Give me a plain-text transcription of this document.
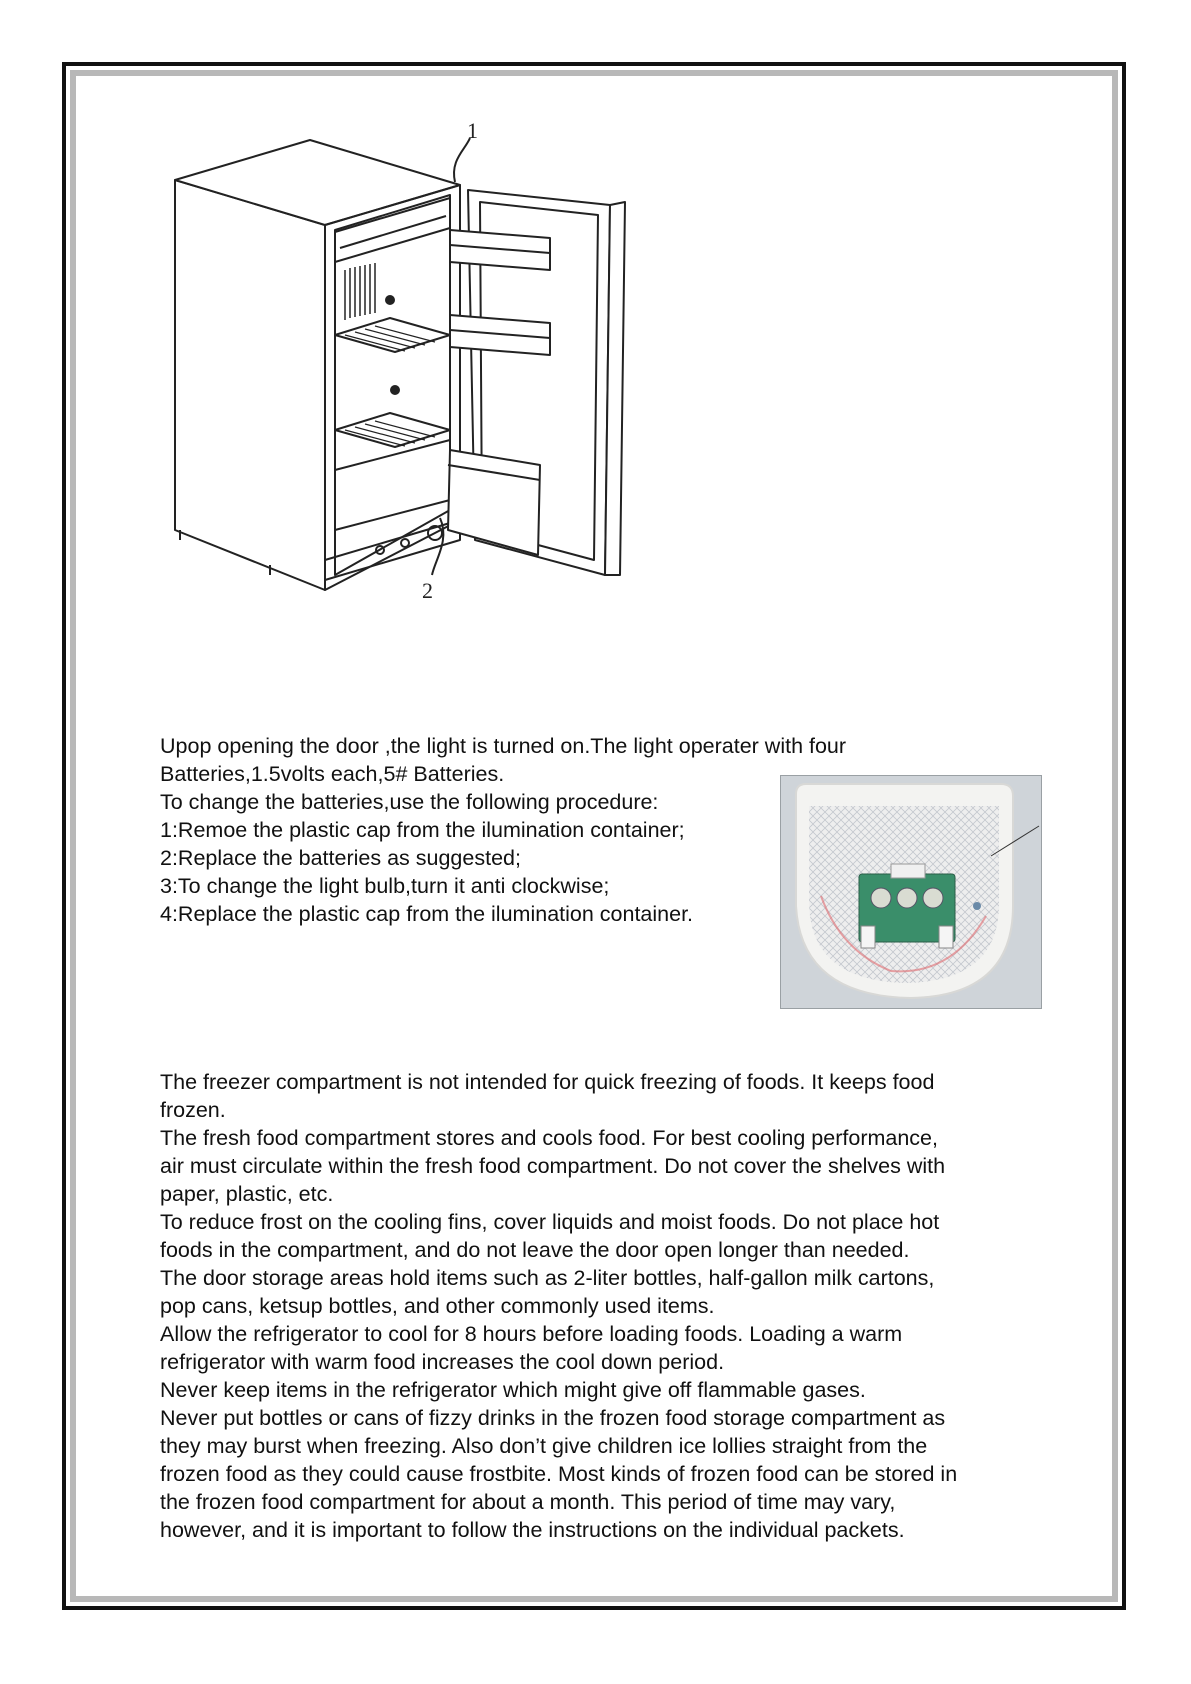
1
2
Upop opening the door ,the light is turned on.The light operater with four
Batteries,1.5volts each,5# Batteries.
To change the batteries,use the following procedure:
1:Remoe the plastic cap from the ilumination container;
2:Replace the batteries as suggested;
3:To change the light bulb,turn it anti clockwise;
4:Replace the plastic cap from the ilumination container.
The freezer compartment is not intended for quick freezing of foods. It keeps food
frozen.
The fresh food compartment stores and cools food. For best cooling performance,
air must circulate within the fresh food compartment. Do not cover the shelves with
paper, plastic, etc.
To reduce frost on the cooling fins, cover liquids and moist foods. Do not place hot
foods in the compartment, and do not leave the door open longer than needed.
The door storage areas hold items such as 2-liter bottles, half-gallon milk cartons,
pop cans, ketsup bottles, and other commonly used items.
Allow the refrigerator to cool for 8 hours before loading foods. Loading a warm
refrigerator with warm food increases the cool down period.
Never keep items in the refrigerator which might give off flammable gases.
Never put bottles or cans of fizzy drinks in the frozen food storage compartment as
they may burst when freezing. Also don’t give children ice lollies straight from the
frozen food as they could cause frostbite. Most kinds of frozen food can be stored in
the frozen food compartment for about a month. This period of time may vary,
however, and it is important to follow the instructions on the individual packets.
